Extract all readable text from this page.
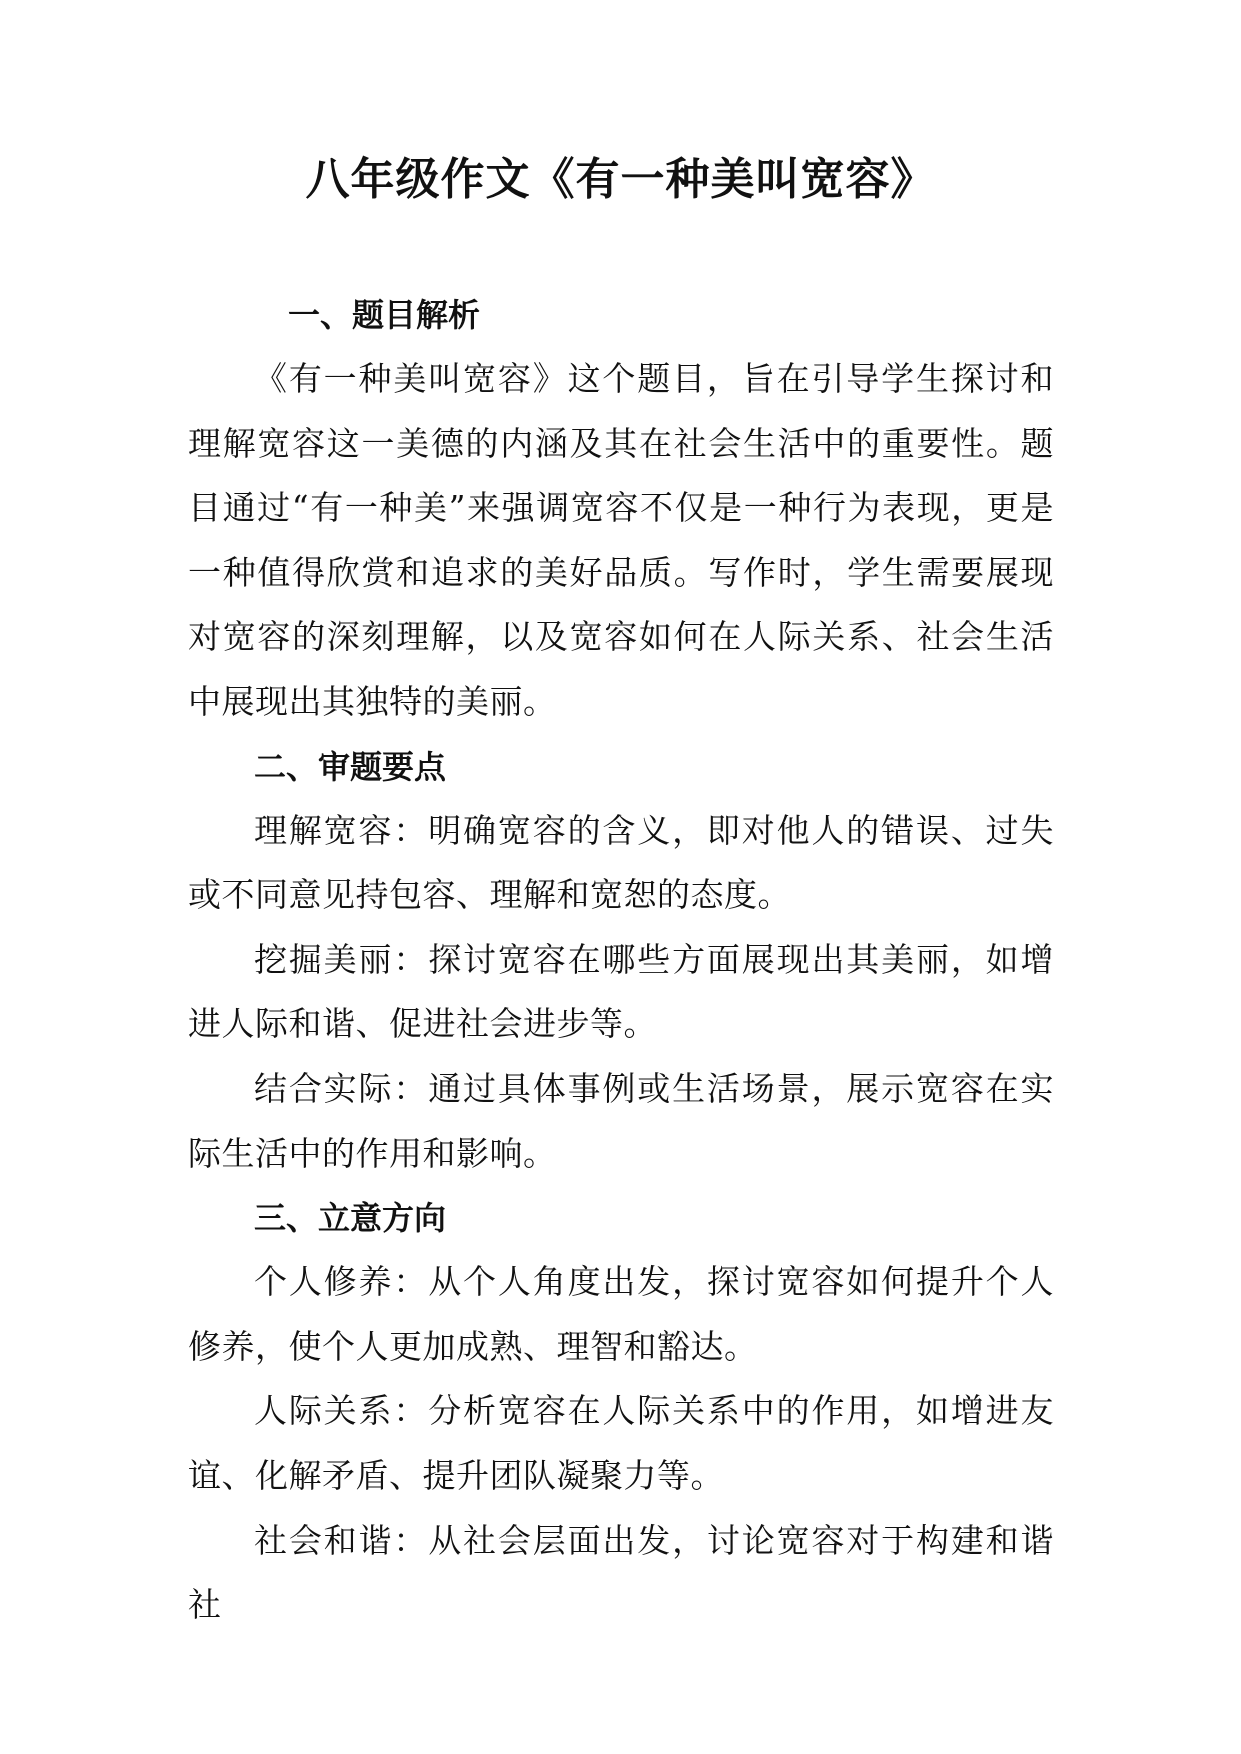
八年级作文《有一种美叫宽容》
一、题目解析

《有一种美叫宽容》这个题目，旨在引导学生探讨和理解宽容这一美德的内涵及其在社会生活中的重要性。题目通过“有一种美”来强调宽容不仅是一种行为表现，更是一种值得欣赏和追求的美好品质。写作时，学生需要展现对宽容的深刻理解，以及宽容如何在人际关系、社会生活中展现出其独特的美丽。

二、审题要点

理解宽容：明确宽容的含义，即对他人的错误、过失或不同意见持包容、理解和宽恕的态度。

挖掘美丽：探讨宽容在哪些方面展现出其美丽，如增进人际和谐、促进社会进步等。

结合实际：通过具体事例或生活场景，展示宽容在实际生活中的作用和影响。

三、立意方向

个人修养：从个人角度出发，探讨宽容如何提升个人修养，使个人更加成熟、理智和豁达。

人际关系：分析宽容在人际关系中的作用，如增进友谊、化解矛盾、提升团队凝聚力等。

社会和谐：从社会层面出发，讨论宽容对于构建和谐社
